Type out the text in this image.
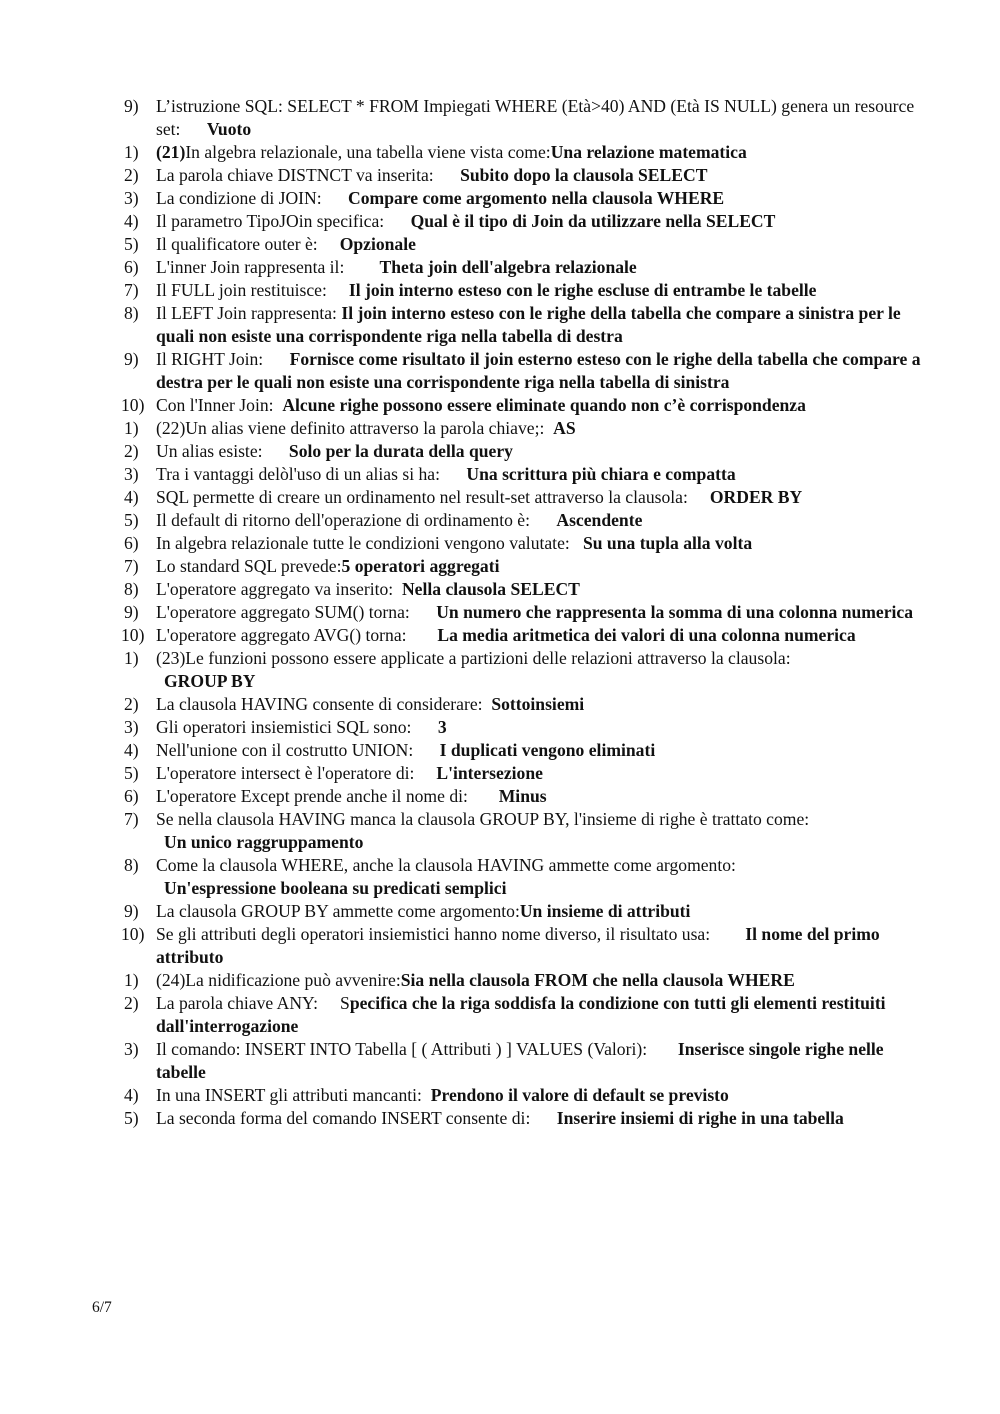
9) L’istruzione SQL: SELECT * FROM Impiegati WHERE (Età>40) AND (Età IS NULL) genera un resource set:      Vuoto
1) (21)In algebra relazionale, una tabella viene vista come:Una relazione matematica
2) La parola chiave DISTNCT va inserita:      Subito dopo la clausola SELECT
3) La condizione di JOIN:      Compare come argomento nella clausola WHERE
4) Il parametro TipoJOin specifica:      Qual è il tipo di Join da utilizzare nella SELECT
5) Il qualificatore outer è:     Opzionale
6) L'inner Join rappresenta il:        Theta join dell'algebra relazionale
7) Il FULL join restituisce:     Il join interno esteso con le righe escluse di entrambe le tabelle
8) Il LEFT Join rappresenta: Il join interno esteso con le righe della tabella che compare a sinistra per le quali non esiste una corrispondente riga nella tabella di destra
9) Il RIGHT Join:      Fornisce come risultato il join esterno esteso con le righe della tabella che compare a destra per le quali non esiste una corrispondente riga nella tabella di sinistra
10) Con l'Inner Join:  Alcune righe possono essere eliminate quando non c’è corrispondenza
1) (22)Un alias viene definito attraverso la parola chiave;:  AS
2) Un alias esiste:      Solo per la durata della query
3) Tra i vantaggi delòl'uso di un alias si ha:      Una scrittura più chiara e compatta
4) SQL permette di creare un ordinamento nel result-set attraverso la clausola:     ORDER BY
5) Il default di ritorno dell'operazione di ordinamento è:      Ascendente
6) In algebra relazionale tutte le condizioni vengono valutate:   Su una tupla alla volta
7) Lo standard SQL prevede:5 operatori aggregati
8) L'operatore aggregato va inserito:  Nella clausola SELECT
9) L'operatore aggregato SUM() torna:      Un numero che rappresenta la somma di una colonna numerica
10) L'operatore aggregato AVG() torna:       La media aritmetica dei valori di una colonna numerica
1) (23)Le funzioni possono essere applicate a partizioni delle relazioni attraverso la clausola:
GROUP BY
2) La clausola HAVING consente di considerare:  Sottoinsiemi
3) Gli operatori insiemistici SQL sono:      3
4) Nell'unione con il costrutto UNION:      I duplicati vengono eliminati
5) L'operatore intersect è l'operatore di:     L'intersezione
6) L'operatore Except prende anche il nome di:       Minus
7) Se nella clausola HAVING manca la clausola GROUP BY, l'insieme di righe è trattato come:
Un unico raggruppamento
8) Come la clausola WHERE, anche la clausola HAVING ammette come argomento:
Un'espressione booleana su predicati semplici
9) La clausola GROUP BY ammette come argomento:Un insieme di attributi
10) Se gli attributi degli operatori insiemistici hanno nome diverso, il risultato usa:        Il nome del primo attributo
1) (24)La nidificazione può avvenire:Sia nella clausola FROM che nella clausola WHERE
2) La parola chiave ANY:     Specifica che la riga soddisfa la condizione con tutti gli elementi restituiti dall'interrogazione
3) Il comando: INSERT INTO Tabella [ ( Attributi ) ] VALUES (Valori):       Inserisce singole righe nelle tabelle
4) In una INSERT gli attributi mancanti:  Prendono il valore di default se previsto
5) La seconda forma del comando INSERT consente di:      Inserire insiemi di righe in una tabella
6/7
